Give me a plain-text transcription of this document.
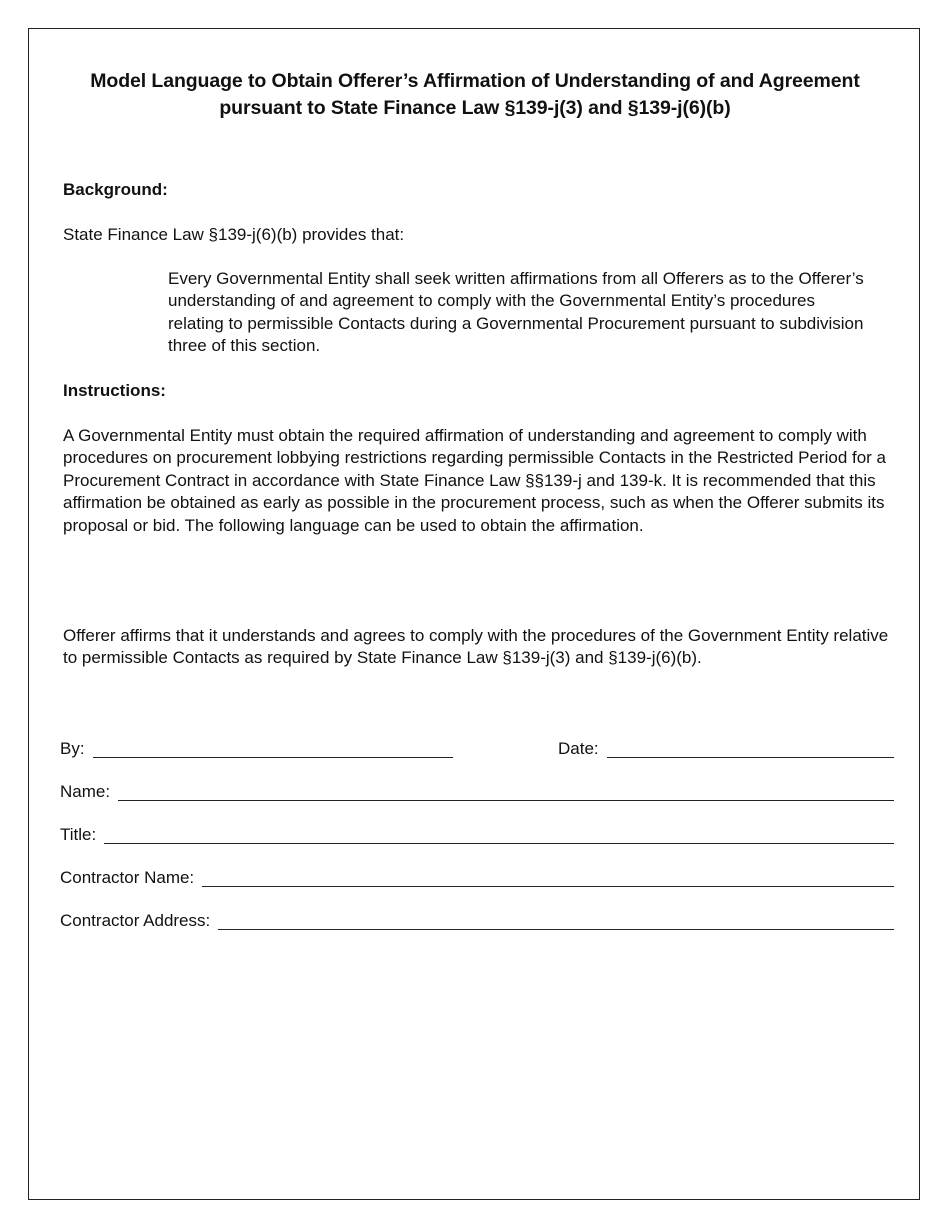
Model Language to Obtain Offerer’s Affirmation of Understanding of and Agreement pursuant to State Finance Law §139-j(3) and §139-j(6)(b)
Background:
State Finance Law §139-j(6)(b) provides that:
Every Governmental Entity shall seek written affirmations from all Offerers as to the Offerer’s understanding of and agreement to comply with the Governmental Entity’s procedures relating to permissible Contacts during a Governmental Procurement pursuant to subdivision three of this section.
Instructions:
A Governmental Entity must obtain the required affirmation of understanding and agreement to comply with procedures on procurement lobbying restrictions regarding permissible Contacts in the Restricted Period for a Procurement Contract in accordance with State Finance Law §§139-j and 139-k. It is recommended that this affirmation be obtained as early as possible in the procurement process, such as when the Offerer submits its proposal or bid. The following language can be used to obtain the affirmation.
Offerer affirms that it understands and agrees to comply with the procedures of the Government Entity relative to permissible Contacts as required by State Finance Law §139-j(3) and §139-j(6)(b).
By:	Date:
Name:
Title:
Contractor Name:
Contractor Address:
